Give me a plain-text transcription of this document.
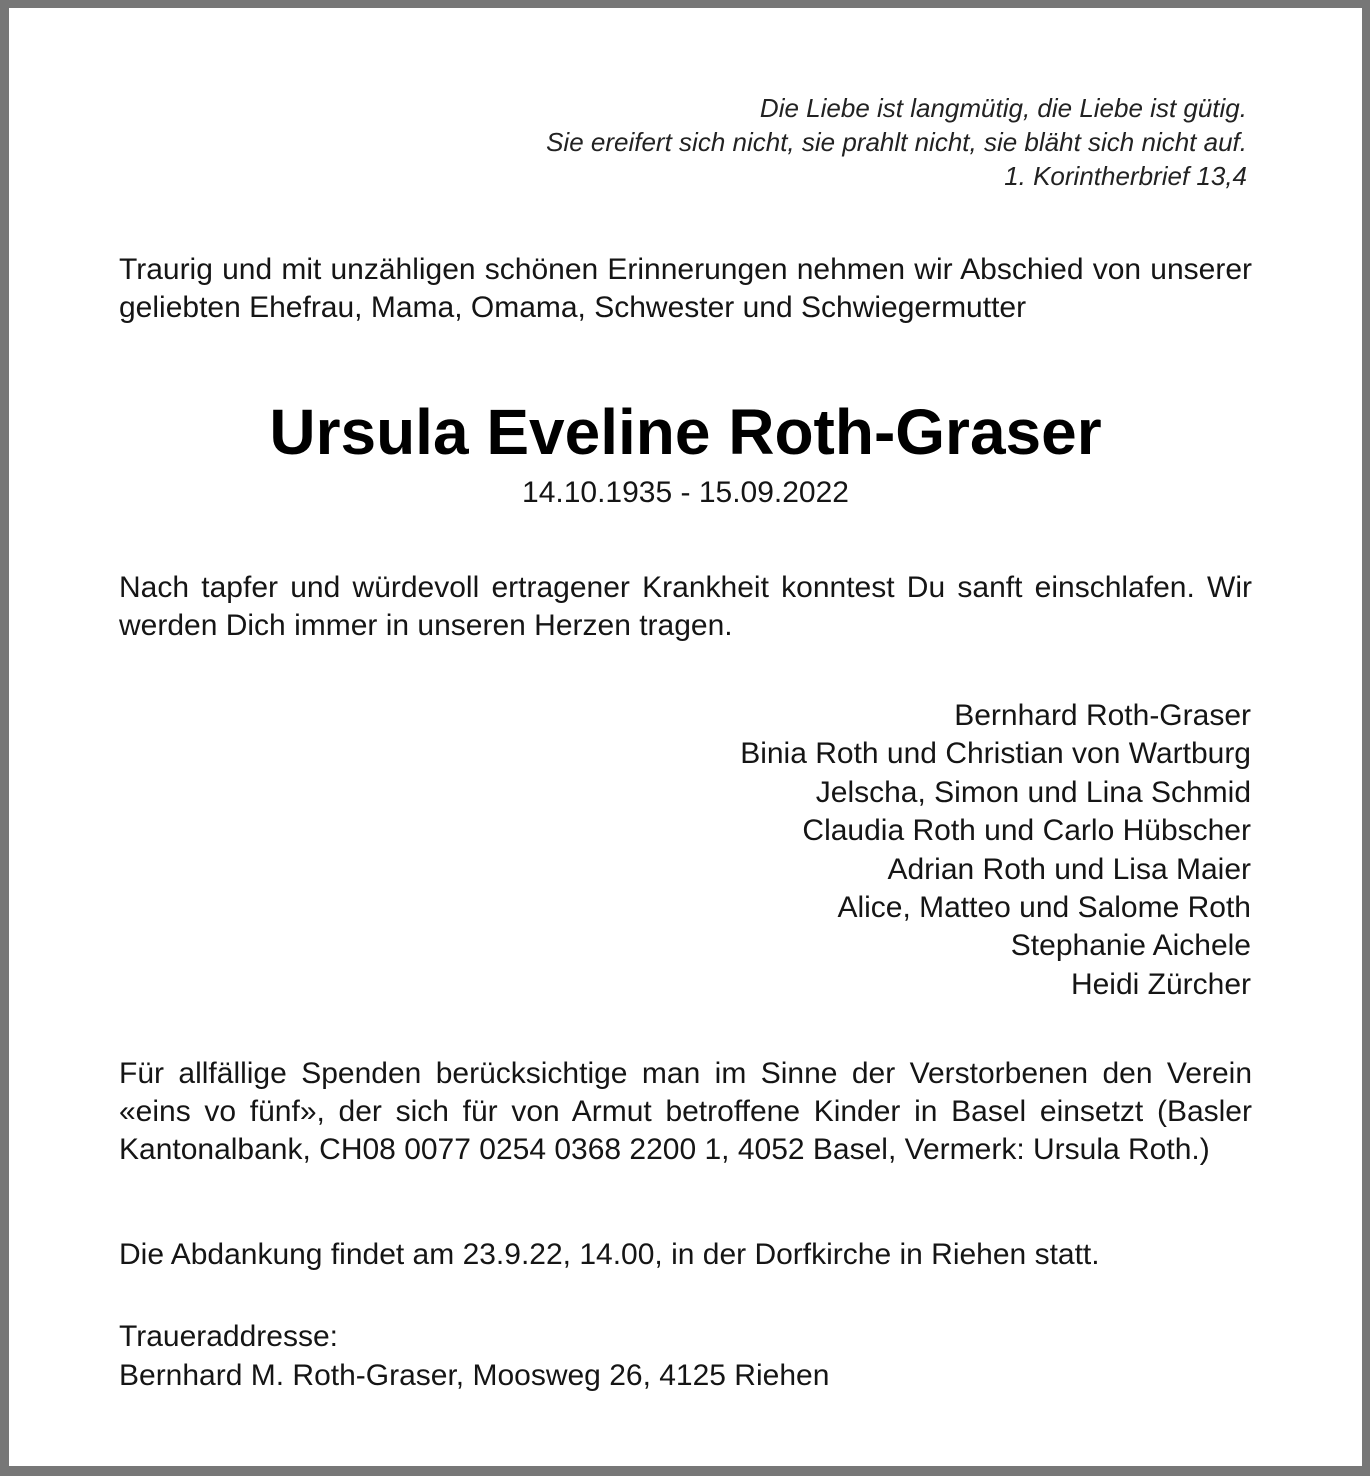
Die Liebe ist langmütig, die Liebe ist gütig.
Sie ereifert sich nicht, sie prahlt nicht, sie bläht sich nicht auf.
1. Korintherbrief 13,4
Traurig und mit unzähligen schönen Erinnerungen nehmen wir Abschied von unserer geliebten Ehefrau, Mama, Omama, Schwester und Schwiegermutter
Ursula Eveline Roth-Graser
14.10.1935 - 15.09.2022
Nach tapfer und würdevoll ertragener Krankheit konntest Du sanft einschlafen. Wir werden Dich immer in unseren Herzen tragen.
Bernhard Roth-Graser
Binia Roth und Christian von Wartburg
Jelscha, Simon und Lina Schmid
Claudia Roth und Carlo Hübscher
Adrian Roth und Lisa Maier
Alice, Matteo und Salome Roth
Stephanie Aichele
Heidi Zürcher
Für allfällige Spenden berücksichtige man im Sinne der Verstorbenen den Verein «eins vo fünf», der sich für von Armut betroffene Kinder in Basel einsetzt (Basler Kantonalbank, CH08 0077 0254 0368 2200 1, 4052 Basel, Vermerk: Ursula Roth.)
Die Abdankung findet am 23.9.22, 14.00, in der Dorfkirche in Riehen statt.
Traueraddresse:
Bernhard M. Roth-Graser, Moosweg 26, 4125 Riehen
